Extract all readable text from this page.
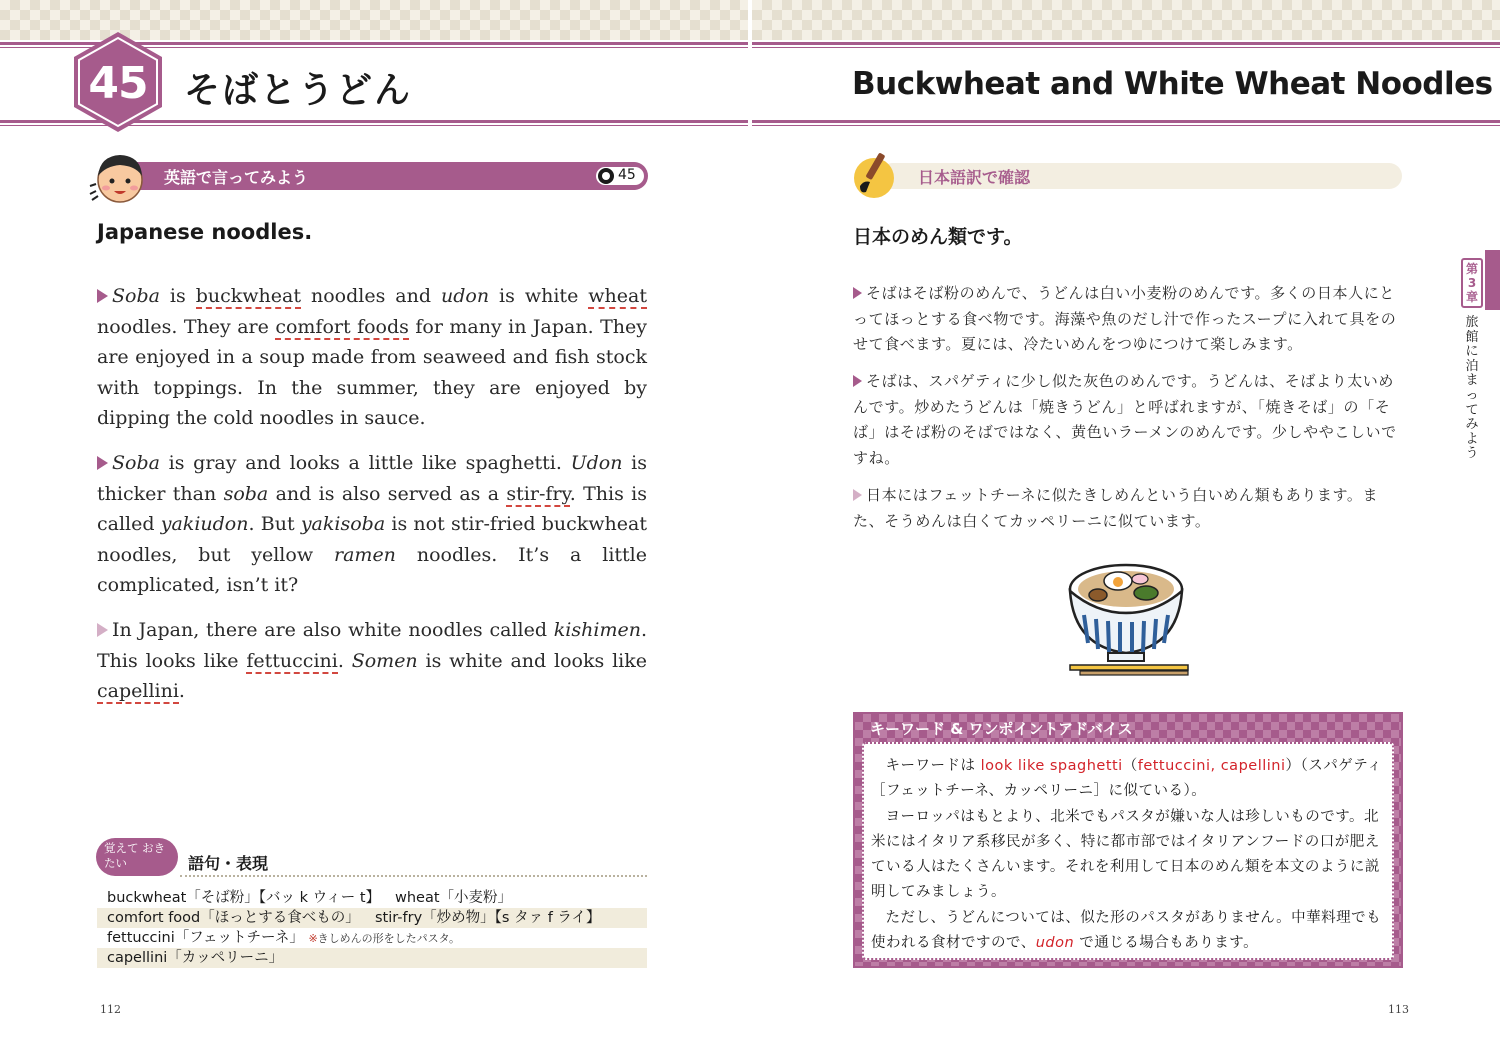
45	そばとうどん	Buckwheat and White Wheat Noodles
英語で言ってみよう	45	日本語訳で確認
Japanese noodles.	日本のめん類です。
Soba is buckwheat noodles and udon is white wheat noodles. They are comfort foods for many in Japan. They are enjoyed in a soup made from seaweed and fish stock with toppings. In the summer, they are enjoyed by dipping the cold noodles in sauce.
Soba is gray and looks a little like spaghetti. Udon is thicker than soba and is also served as a stir-fry. This is called yakiudon. But yakisoba is not stir-fried buckwheat noodles, but yellow ramen noodles. It’s a little complicated, isn’t it?
In Japan, there are also white noodles called kishimen. This looks like fettuccini. Somen is white and looks like capellini.
そばはそば粉のめんで、うどんは白い小麦粉のめんです。多くの日本人にとってほっとする食べ物です。海藻や魚のだし汁で作ったスープに入れて具をのせて食べます。夏には、冷たいめんをつゆにつけて楽しみます。
そばは、スパゲティに少し似た灰色のめんです。うどんは、そばより太いめんです。炒めたうどんは「焼きうどん」と呼ばれますが、「焼きそば」の「そば」はそば粉のそばではなく、黄色いラーメンのめんです。少しややこしいですね。
日本にはフェットチーネに似たきしめんという白いめん類もあります。また、そうめんは白くてカッペリーニに似ています。
キーワード & ワンポイントアドバイス
キーワードは look like spaghetti（fettuccini, capellini）（スパゲティ［フェットチーネ、カッペリーニ］に似ている）。
ヨーロッパはもとより、北米でもパスタが嫌いな人は珍しいものです。北米にはイタリア系移民が多く、特に都市部ではイタリアンフードの口が肥えている人はたくさんいます。それを利用して日本のめん類を本文のように説明してみましょう。
ただし、うどんについては、似た形のパスタがありません。中華料理でも使われる食材ですので、udon で通じる場合もあります。
第3章
旅館に泊まってみよう
覚えて おきたい	語句・表現
buckwheat「そば粉」【バッ k ウィー t】 wheat「小麦粉」
comfort food「ほっとする食べもの」 stir-fry「炒め物」【s タァ f ライ】
fettuccini「フェットチーネ」 ※きしめんの形をしたパスタ。
capellini「カッペリーニ」
112	113
